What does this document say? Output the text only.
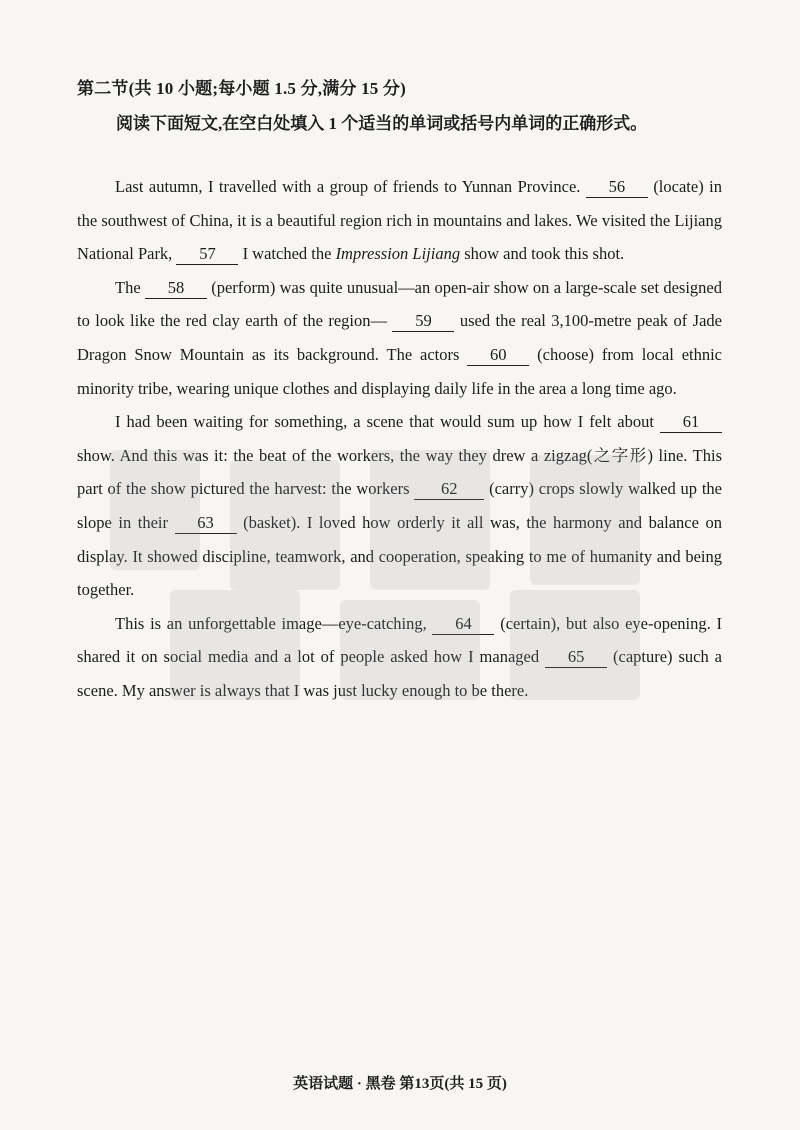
第二节(共 10 小题;每小题 1.5 分,满分 15 分)
阅读下面短文,在空白处填入 1 个适当的单词或括号内单词的正确形式。

Last autumn, I travelled with a group of friends to Yunnan Province. 56 (locate) in the southwest of China, it is a beautiful region rich in mountains and lakes. We visited the Lijiang National Park, 57 I watched the Impression Lijiang show and took this shot.

The 58 (perform) was quite unusual—an open-air show on a large-scale set designed to look like the red clay earth of the region— 59 used the real 3,100-metre peak of Jade Dragon Snow Mountain as its background. The actors 60 (choose) from local ethnic minority tribe, wearing unique clothes and displaying daily life in the area a long time ago.

I had been waiting for something, a scene that would sum up how I felt about 61 show. And this was it: the beat of the workers, the way they drew a zigzag(之字形) line. This part of the show pictured the harvest: the workers 62 (carry) crops slowly walked up the slope in their 63 (basket). I loved how orderly it all was, the harmony and balance on display. It showed discipline, teamwork, and cooperation, speaking to me of humanity and being together.

This is an unforgettable image—eye-catching, 64 (certain), but also eye-opening. I shared it on social media and a lot of people asked how I managed 65 (capture) such a scene. My answer is always that I was just lucky enough to be there.

英语试题 · 黑卷 第13页(共 15 页)
